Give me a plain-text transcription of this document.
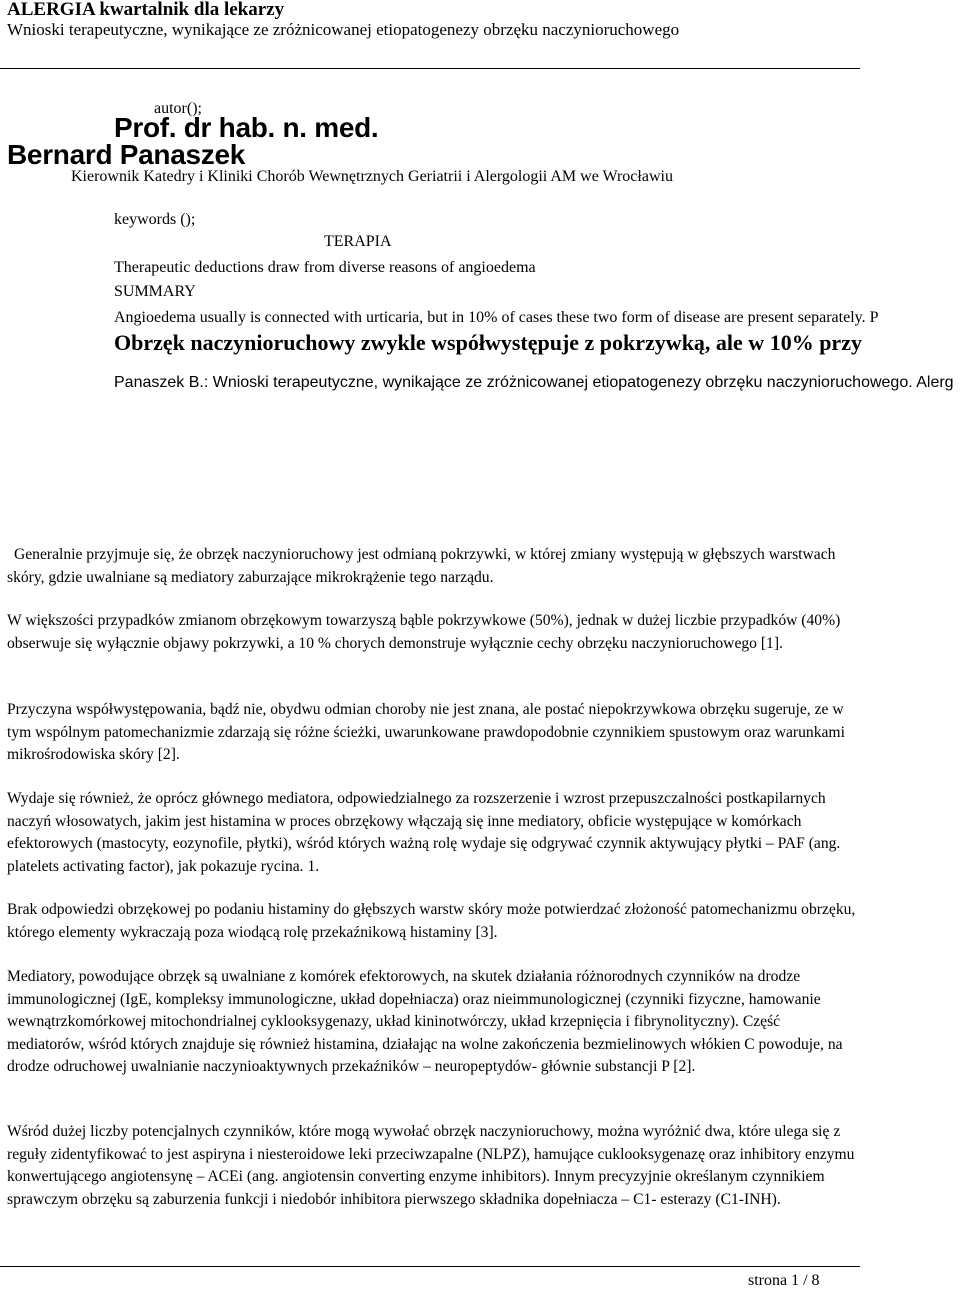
ALERGIA kwartalnik dla lekarzy
Wnioski terapeutyczne, wynikające ze zróżnicowanej etiopatogenezy obrzęku naczynioruchowego
autor();
Prof. dr hab. n. med.
Bernard Panaszek
Kierownik Katedry i Kliniki Chorób Wewnętrznych Geriatrii i Alergologii AM we Wrocławiu
keywords ();
TERAPIA
Therapeutic deductions draw from diverse reasons of angioedema
SUMMARY
Angioedema usually is connected with urticaria, but in 10% of cases these two form of disease are present separately. P
Obrzęk naczynioruchowy zwykle współwystępuje z pokrzywką, ale w 10% przy
Panaszek B.: Wnioski terapeutyczne, wynikające ze zróżnicowanej etiopatogenezy obrzęku naczynioruchowego. Alerg
Generalnie przyjmuje się, że obrzęk naczynioruchowy jest odmianą pokrzywki, w której zmiany występują w głębszych warstwach skóry, gdzie uwalniane są mediatory zaburzające mikrokrążenie tego narządu.
W większości przypadków zmianom obrzękowym towarzyszą bąble pokrzywkowe (50%), jednak w dużej liczbie przypadków (40%) obserwuje się wyłącznie objawy pokrzywki, a 10 % chorych demonstruje wyłącznie cechy obrzęku naczynioruchowego [1].
Przyczyna współwystępowania, bądź nie, obydwu odmian choroby nie jest znana, ale postać niepokrzywkowa obrzęku sugeruje, ze w tym wspólnym patomechanizmie zdarzają się różne ścieżki, uwarunkowane prawdopodobnie czynnikiem spustowym oraz warunkami mikrośrodowiska skóry [2].
Wydaje się również, że oprócz głównego mediatora, odpowiedzialnego za rozszerzenie i wzrost przepuszczalności postkapilarnych naczyń włosowatych, jakim jest histamina w proces obrzękowy włączają się inne mediatory, obficie występujące w komórkach efektorowych (mastocyty, eozynofile, płytki), wśród których ważną rolę wydaje się odgrywać czynnik aktywujący płytki – PAF (ang. platelets activating factor), jak pokazuje rycina. 1.
Brak odpowiedzi obrzękowej po podaniu histaminy do głębszych warstw skóry może potwierdzać złożoność patomechanizmu obrzęku, którego elementy wykraczają poza wiodącą rolę przekaźnikową histaminy [3].
Mediatory, powodujące obrzęk są uwalniane z komórek efektorowych, na skutek działania różnorodnych czynników na drodze immunologicznej (IgE, kompleksy immunologiczne, układ dopełniacza) oraz nieimmunologicznej (czynniki fizyczne, hamowanie wewnątrzkomórkowej mitochondrialnej cyklooksygenazy, układ kininotwórczy, układ krzepnięcia i fibrynolityczny). Część mediatorów, wśród których znajduje się również histamina, działając na wolne zakończenia bezmielinowych włókien C powoduje, na drodze odruchowej uwalnianie naczynioaktywnych przekaźników – neuropeptydów- głównie substancji P [2].
Wśród dużej liczby potencjalnych czynników, które mogą wywołać obrzęk naczynioruchowy, można wyróżnić dwa, które ulega się z reguły zidentyfikować to jest aspiryna i niesteroidowe leki przeciwzapalne (NLPZ), hamujące cuklooksygenazę oraz inhibitory enzymu konwertującego angiotensynę – ACEi (ang. angiotensin converting enzyme inhibitors). Innym precyzyjnie określanym czynnikiem sprawczym obrzęku są zaburzenia funkcji i niedobór inhibitora pierwszego składnika dopełniacza – C1- esterazy (C1-INH).
strona 1 / 8
